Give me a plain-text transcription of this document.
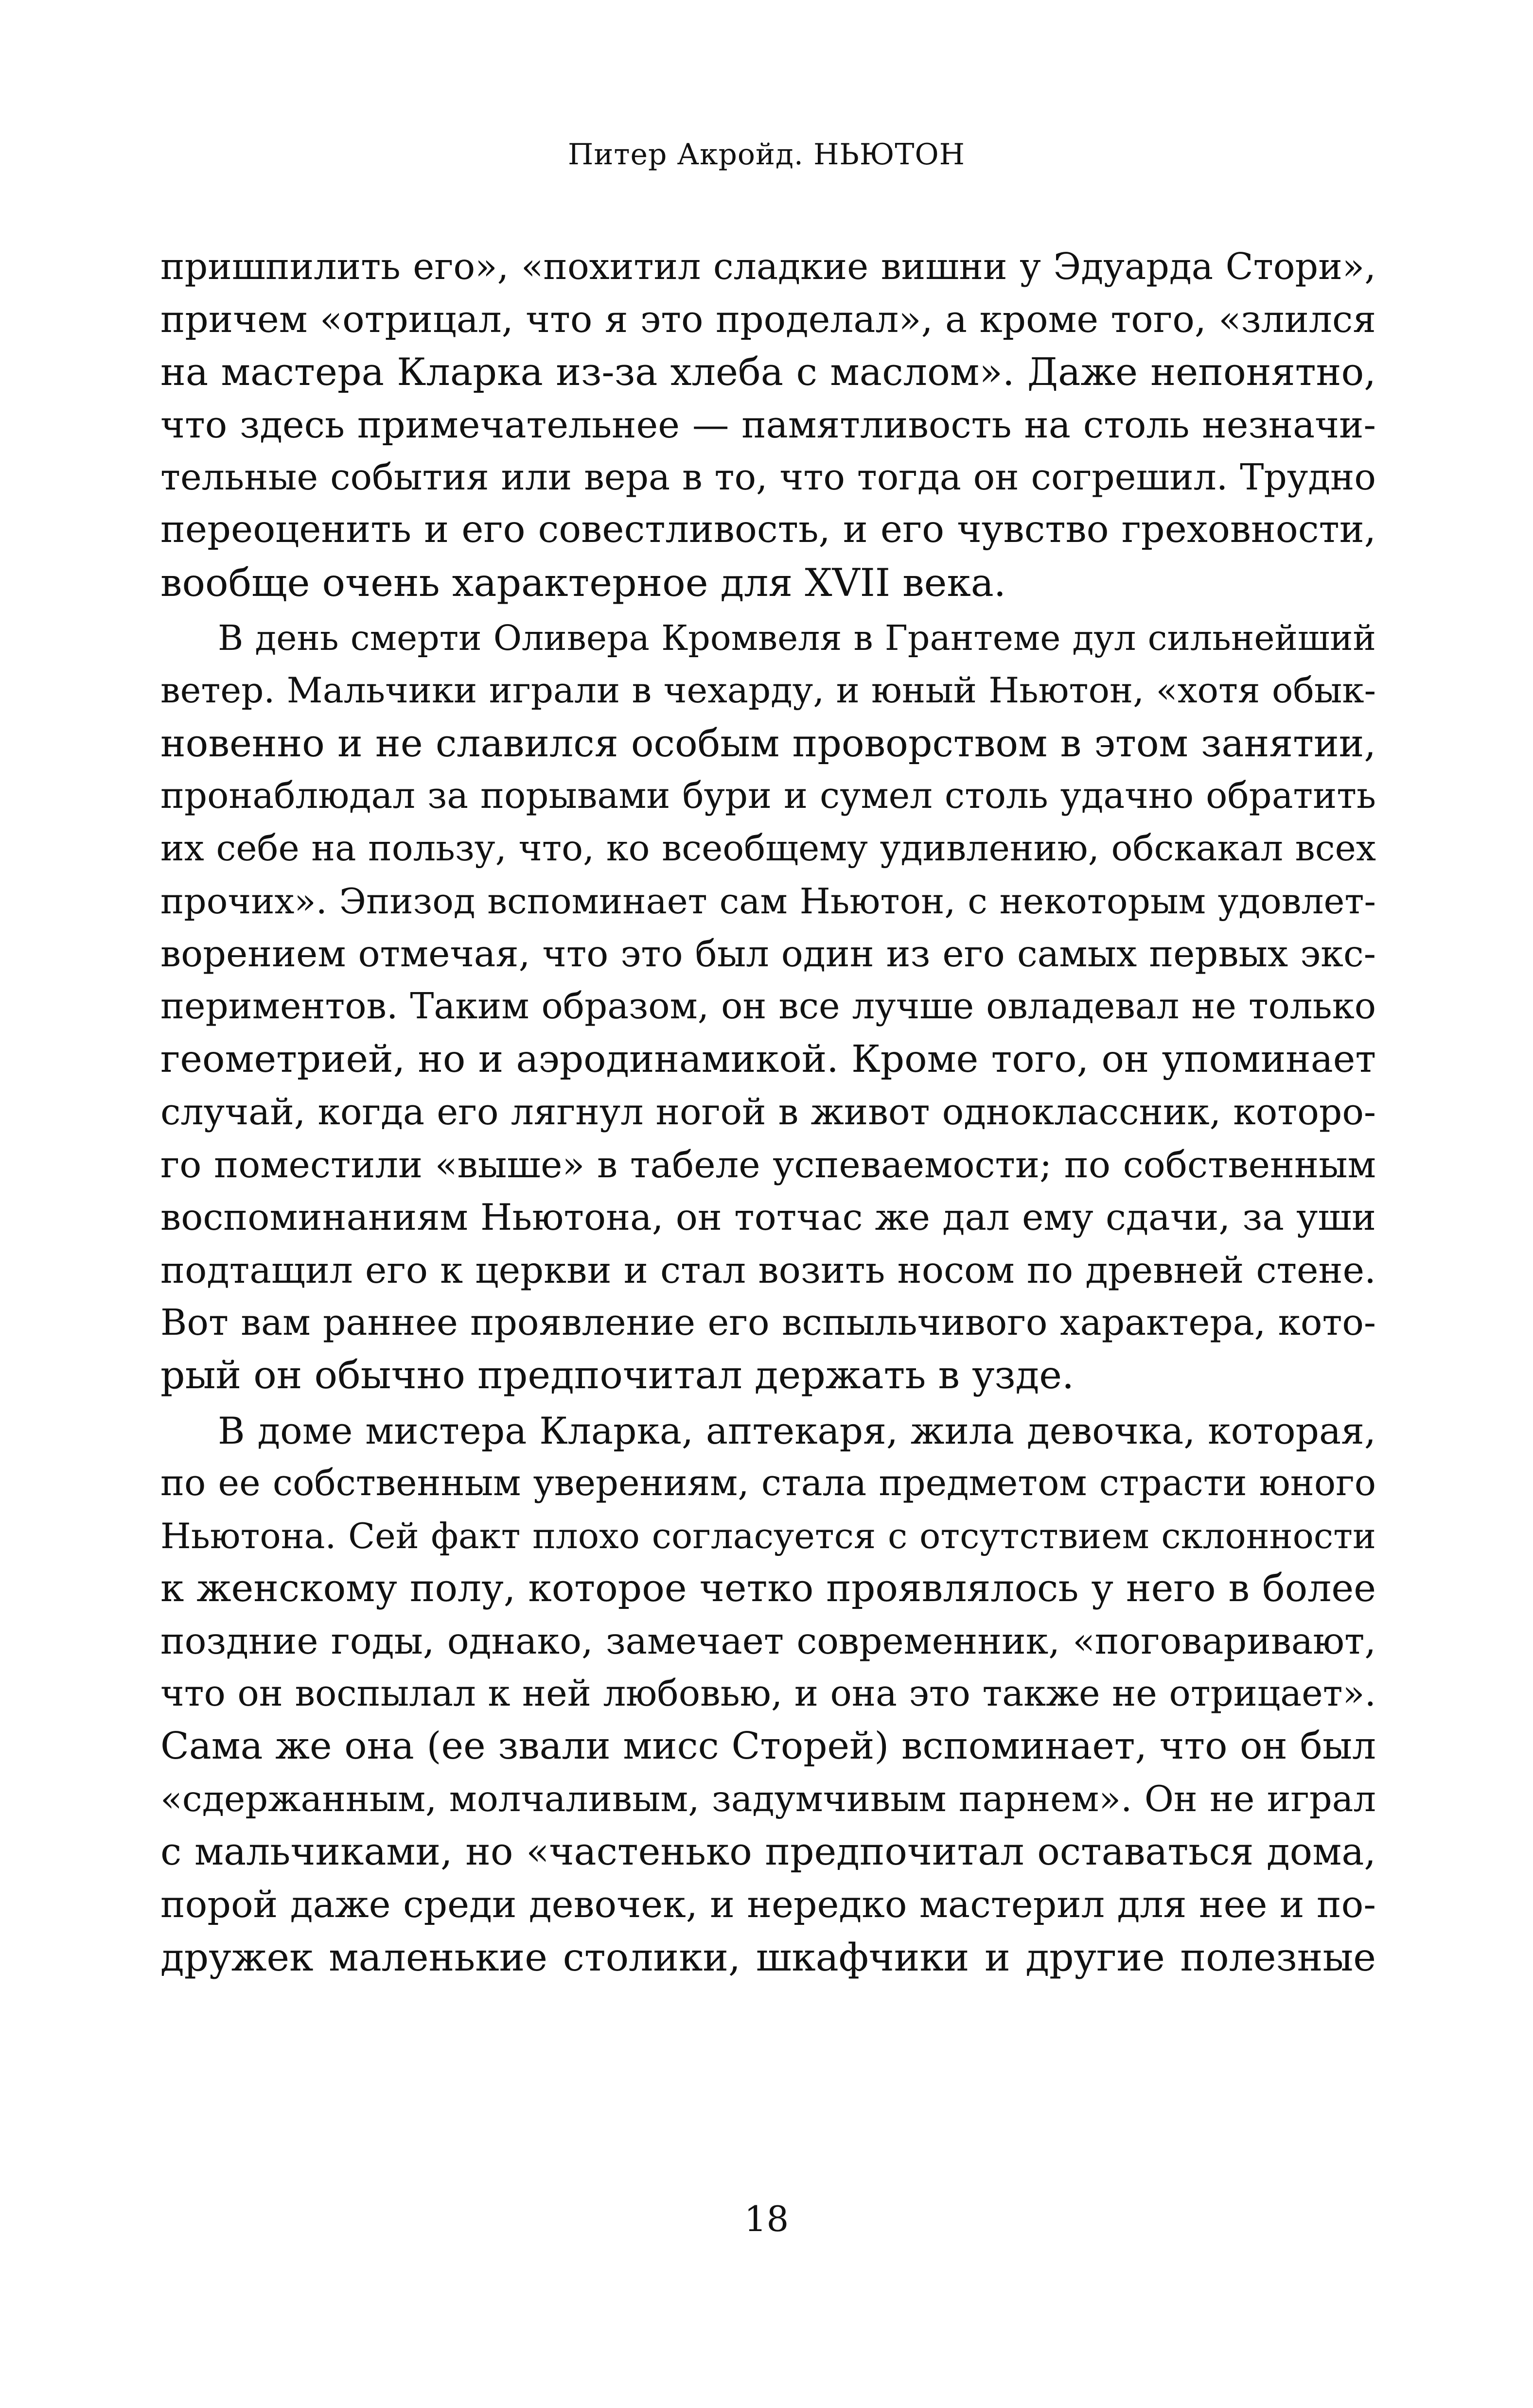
Питер Акройд. НЬЮТОН
пришпилить его», «похитил сладкие вишни у Эдуарда Стори»,
причем «отрицал, что я это проделал», а кроме того, «злился
на мастера Кларка из-за хлеба с маслом». Даже непонятно,
что здесь примечательнее — памятливость на столь незначи-
тельные события или вера в то, что тогда он согрешил. Трудно
переоценить и его совестливость, и его чувство греховности,
вообще очень характерное для XVII века.
В день смерти Оливера Кромвеля в Грантеме дул сильнейший
ветер. Мальчики играли в чехарду, и юный Ньютон, «хотя обык-
новенно и не славился особым проворством в этом занятии,
пронаблюдал за порывами бури и сумел столь удачно обратить
их себе на пользу, что, ко всеобщему удивлению, обскакал всех
прочих». Эпизод вспоминает сам Ньютон, с некоторым удовлет-
ворением отмечая, что это был один из его самых первых экс-
периментов. Таким образом, он все лучше овладевал не только
геометрией, но и аэродинамикой. Кроме того, он упоминает
случай, когда его лягнул ногой в живот одноклассник, которо-
го поместили «выше» в табеле успеваемости; по собственным
воспоминаниям Ньютона, он тотчас же дал ему сдачи, за уши
подтащил его к церкви и стал возить носом по древней стене.
Вот вам раннее проявление его вспыльчивого характера, кото-
рый он обычно предпочитал держать в узде.
В доме мистера Кларка, аптекаря, жила девочка, которая,
по ее собственным уверениям, стала предметом страсти юного
Ньютона. Сей факт плохо согласуется с отсутствием склонности
к женскому полу, которое четко проявлялось у него в более
поздние годы, однако, замечает современник, «поговаривают,
что он воспылал к ней любовью, и она это также не отрицает».
Сама же она (ее звали мисс Сторей) вспоминает, что он был
«сдержанным, молчаливым, задумчивым парнем». Он не играл
с мальчиками, но «частенько предпочитал оставаться дома,
порой даже среди девочек, и нередко мастерил для нее и по-
дружек маленькие столики, шкафчики и другие полезные
18
